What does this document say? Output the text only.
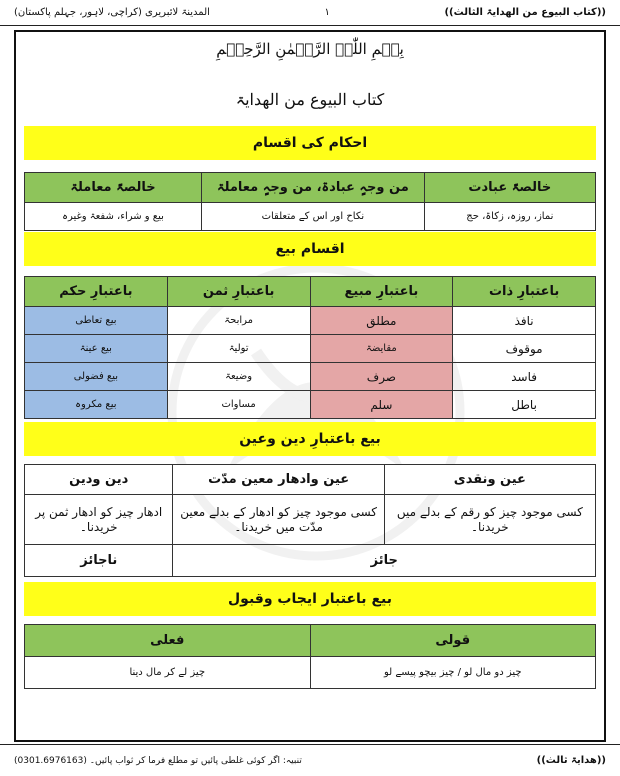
((کتاب البیوع من الھدایۃ الثالث))
۱
المدینۃ لائبریری (کراچی، لاہور، جہلم پاکستان)
بِسۡمِ اللّٰہِ الرَّحۡمٰنِ الرَّحِیۡمِ
کتاب البیوع من الھدایۃ
احکام کی اقسام
خالصۃً عبادت	من وجہٍ عبادۃ، من وجہٍ معاملۃ	خالصۃً معاملۃ
نماز، روزہ، زکاۃ، حج	نکاح اور اس کے متعلقات	بیع و شراء، شفعۃ وغیرہ
اقسام بیع
باعتبارِ ذات	باعتبارِ مبیع	باعتبارِ ثمن	باعتبارِ حکم
نافذ	مطلق	مرابحۃ	بیع تعاطی
موقوف	مقایضۃ	تولیۃ	بیع عینۃ
فاسد	صرف	وضیعۃ	بیع فضولی
باطل	سلم	مساوات	بیع مکروہ
بیع باعتبارِ دین وعین
عین ونقدی	عین وادھار معین مدّت	دین ودین
کسی موجود چیز کو رقم کے بدلے میں خریدنا۔	کسی موجود چیز کو ادھار کے بدلے معین مدّت میں خریدنا۔	ادھار چیز کو ادھار ثمن پر خریدنا۔
جائز		ناجائز
بیع باعتبار ایجاب وقبول
قولی	فعلی
چیز دو مال لو / چیز بیچو پیسے لو	چیز لے کر مال دینا
((ھدایۃ ثالث))
تنبیہ: اگر کوئی غلطی پائیں تو مطلع فرما کر ثواب پائیں۔ (0301.6976163)
